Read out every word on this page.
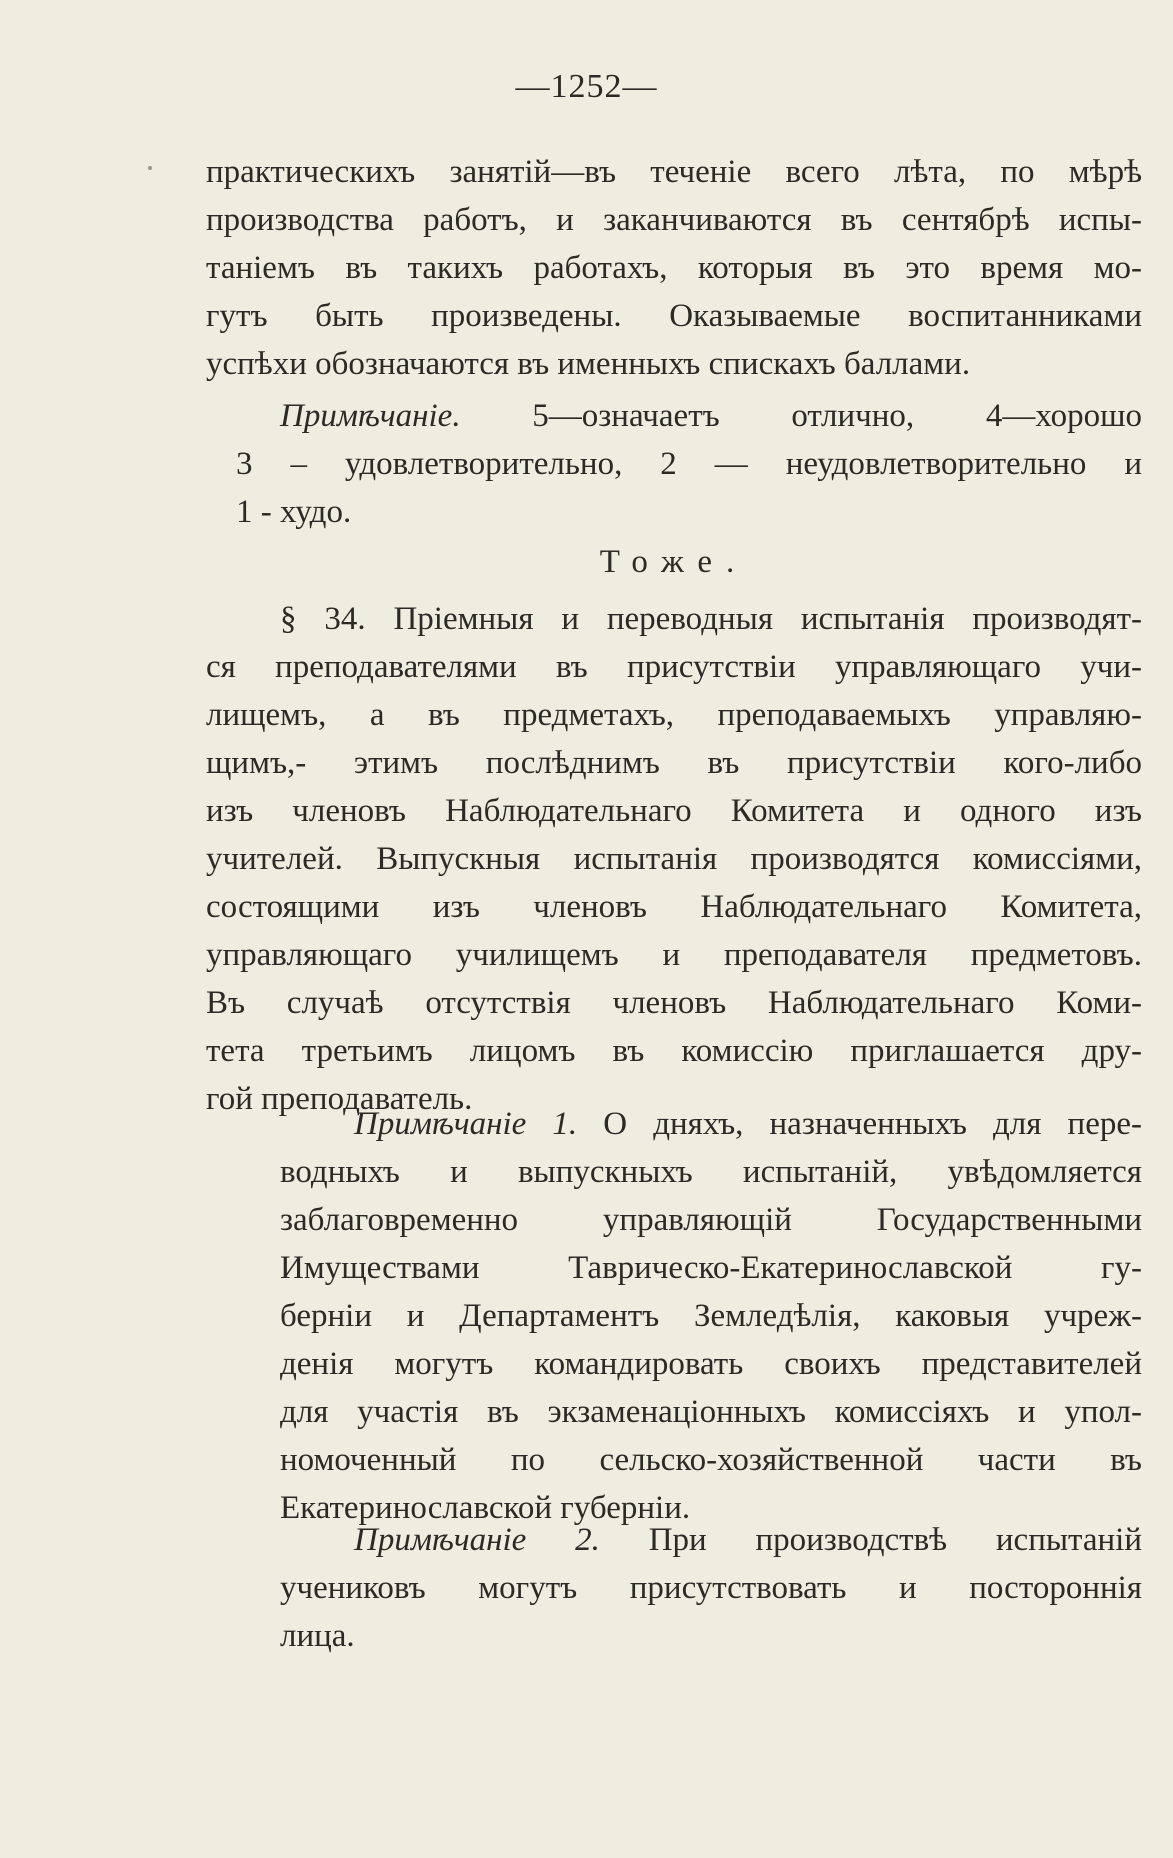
—1252—
практическихъ занятій—въ теченіе всего лѣта, по мѣрѣ
производства работъ, и заканчиваются въ сентябрѣ испы-
таніемъ въ такихъ работахъ, которыя въ это время мо-
гутъ быть произведены. Оказываемые воспитанниками
успѣхи обозначаются въ именныхъ спискахъ баллами.
Примѣчаніе. 5—означаетъ отлично, 4—хорошо
3 – удовлетворительно, 2 — неудовлетворительно и
1 - худо.
Тоже.
§ 34. Пріемныя и переводныя испытанія производят-
ся преподавателями въ присутствіи управляющаго учи-
лищемъ, а въ предметахъ, преподаваемыхъ управляю-
щимъ,- этимъ послѣднимъ въ присутствіи кого-либо
изъ членовъ Наблюдательнаго Комитета и одного изъ
учителей. Выпускныя испытанія производятся комиссіями,
состоящими изъ членовъ Наблюдательнаго Комитета,
управляющаго училищемъ и преподавателя предметовъ.
Въ случаѣ отсутствія членовъ Наблюдательнаго Коми-
тета третьимъ лицомъ въ комиссію приглашается дру-
гой преподаватель.
Примѣчаніе 1. О дняхъ, назначенныхъ для пере-
водныхъ и выпускныхъ испытаній, увѣдомляется
заблаговременно управляющій Государственными
Имуществами Таврическо-Екатеринославской гу-
берніи и Департаментъ Земледѣлія, каковыя учреж-
денія могутъ командировать своихъ представителей
для участія въ экзаменаціонныхъ комиссіяхъ и упол-
номоченный по сельско-хозяйственной части въ
Екатеринославской губерніи.
Примѣчаніе 2. При производствѣ испытаній
учениковъ могутъ присутствовать и постороннія
лица.
